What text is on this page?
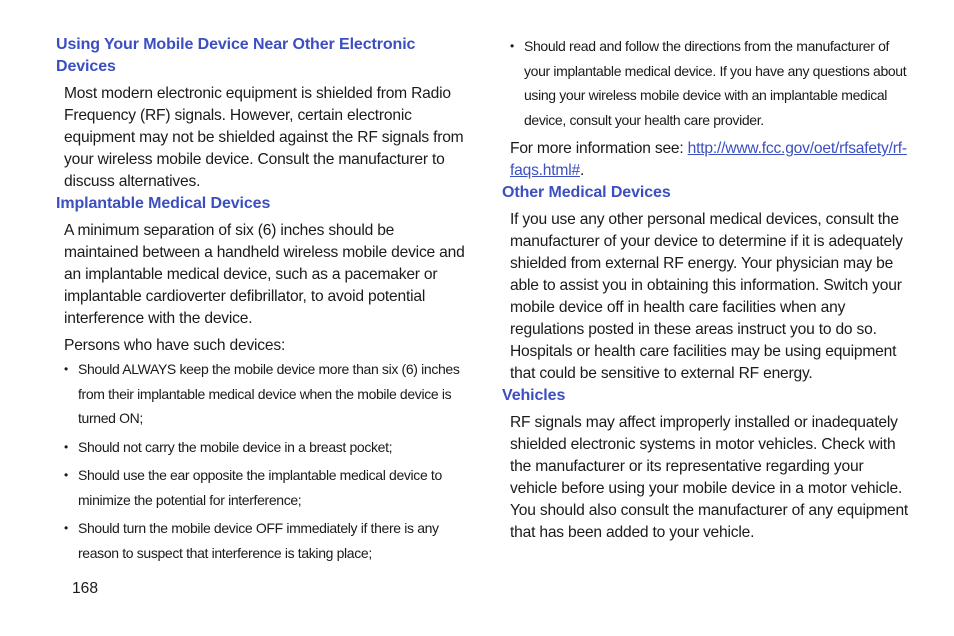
Using Your Mobile Device Near Other Electronic Devices

Most modern electronic equipment is shielded from Radio Frequency (RF) signals. However, certain electronic equipment may not be shielded against the RF signals from your wireless mobile device. Consult the manufacturer to discuss alternatives.

Implantable Medical Devices

A minimum separation of six (6) inches should be maintained between a handheld wireless mobile device and an implantable medical device, such as a pacemaker or implantable cardioverter defibrillator, to avoid potential interference with the device.

Persons who have such devices:

• Should ALWAYS keep the mobile device more than six (6) inches from their implantable medical device when the mobile device is turned ON;
• Should not carry the mobile device in a breast pocket;
• Should use the ear opposite the implantable medical device to minimize the potential for interference;
• Should turn the mobile device OFF immediately if there is any reason to suspect that interference is taking place;
• Should read and follow the directions from the manufacturer of your implantable medical device. If you have any questions about using your wireless mobile device with an implantable medical device, consult your health care provider.

For more information see: http://www.fcc.gov/oet/rfsafety/rf-faqs.html#.

Other Medical Devices

If you use any other personal medical devices, consult the manufacturer of your device to determine if it is adequately shielded from external RF energy. Your physician may be able to assist you in obtaining this information. Switch your mobile device off in health care facilities when any regulations posted in these areas instruct you to do so. Hospitals or health care facilities may be using equipment that could be sensitive to external RF energy.

Vehicles

RF signals may affect improperly installed or inadequately shielded electronic systems in motor vehicles. Check with the manufacturer or its representative regarding your vehicle before using your mobile device in a motor vehicle. You should also consult the manufacturer of any equipment that has been added to your vehicle.

168
